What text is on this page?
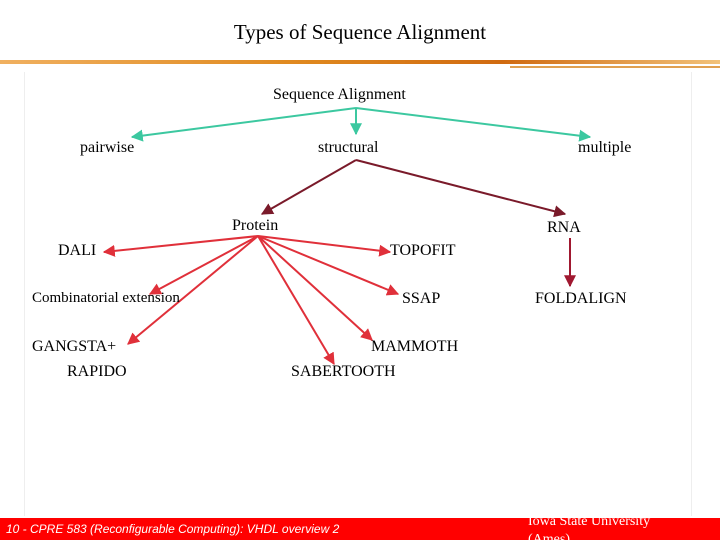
Types of Sequence Alignment
Sequence Alignment
pairwise	structural	multiple
Protein	RNA
DALI	TOPOFIT
Combinatorial extension	SSAP	FOLDALIGN
GANGSTA+	MAMMOTH
RAPIDO	SABERTOOTH
10 - CPRE 583 (Reconfigurable Computing): VHDL overview 2	Iowa State University
(Ames)
